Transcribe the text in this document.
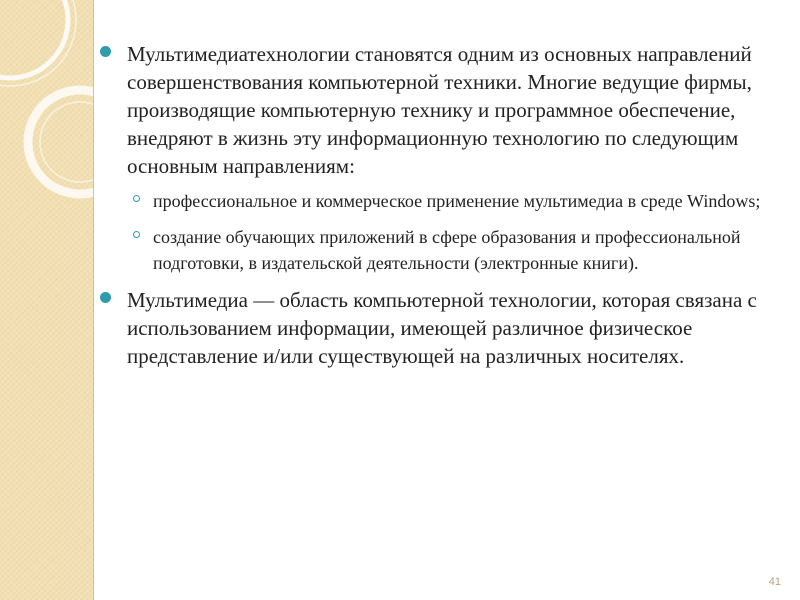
Мультимедиатехнологии становятся одним из основных направлений совершенствования компьютерной техники. Многие ведущие фирмы, производящие компьютерную технику и программное обеспечение, внедряют в жизнь эту информационную технологию по следующим основным направлениям:
профессиональное и коммерческое применение мультимедиа в среде Windows;
создание обучающих приложений в сфере образования и профессиональной подготовки, в издательской деятельности (электронные книги).
Мультимедиа — область компьютерной технологии, которая связана с использованием информации, имеющей различное физическое представление и/или существующей на различных носителях.
41
